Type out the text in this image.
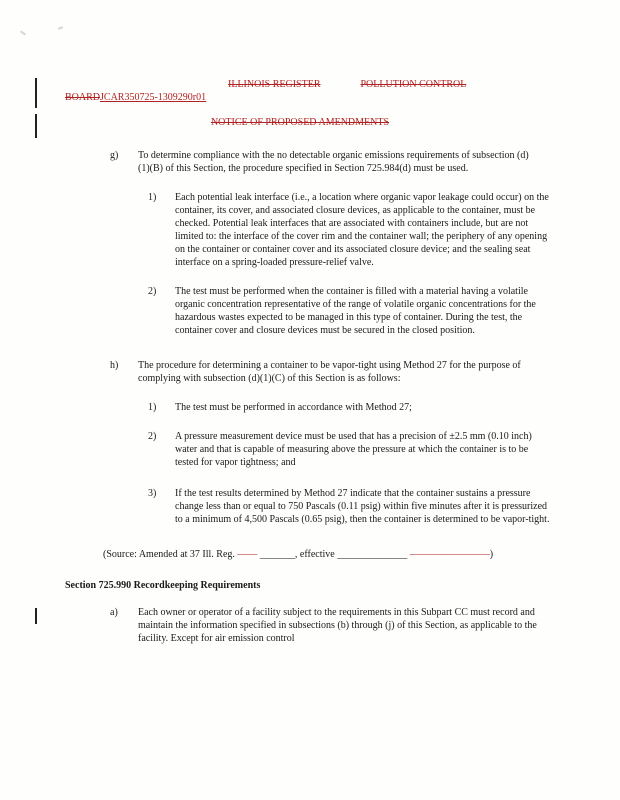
ILLINOIS REGISTER	POLLUTION CONTROL
BOARDJCAR350725-1309290r01
NOTICE OF PROPOSED AMENDMENTS
g) To determine compliance with the no detectable organic emissions requirements of subsection (d)(1)(B) of this Section, the procedure specified in Section 725.984(d) must be used.
1) Each potential leak interface (i.e., a location where organic vapor leakage could occur) on the container, its cover, and associated closure devices, as applicable to the container, must be checked. Potential leak interfaces that are associated with containers include, but are not limited to: the interface of the cover rim and the container wall; the periphery of any opening on the container or container cover and its associated closure device; and the sealing seat interface on a spring-loaded pressure-relief valve.
2) The test must be performed when the container is filled with a material having a volatile organic concentration representative of the range of volatile organic concentrations for the hazardous wastes expected to be managed in this type of container. During the test, the container cover and closure devices must be secured in the closed position.
h) The procedure for determining a container to be vapor-tight using Method 27 for the purpose of complying with subsection (d)(1)(C) of this Section is as follows:
1) The test must be performed in accordance with Method 27;
2) A pressure measurement device must be used that has a precision of ±2.5 mm (0.10 inch) water and that is capable of measuring above the pressure at which the container is to be tested for vapor tightness; and
3) If the test results determined by Method 27 indicate that the container sustains a pressure change less than or equal to 750 Pascals (0.11 psig) within five minutes after it is pressurized to a minimum of 4,500 Pascals (0.65 psig), then the container is determined to be vapor-tight.
(Source: Amended at 37 Ill. Reg. —— _______, effective ______________ ————————)
Section 725.990 Recordkeeping Requirements
a) Each owner or operator of a facility subject to the requirements in this Subpart CC must record and maintain the information specified in subsections (b) through (j) of this Section, as applicable to the facility. Except for air emission control
